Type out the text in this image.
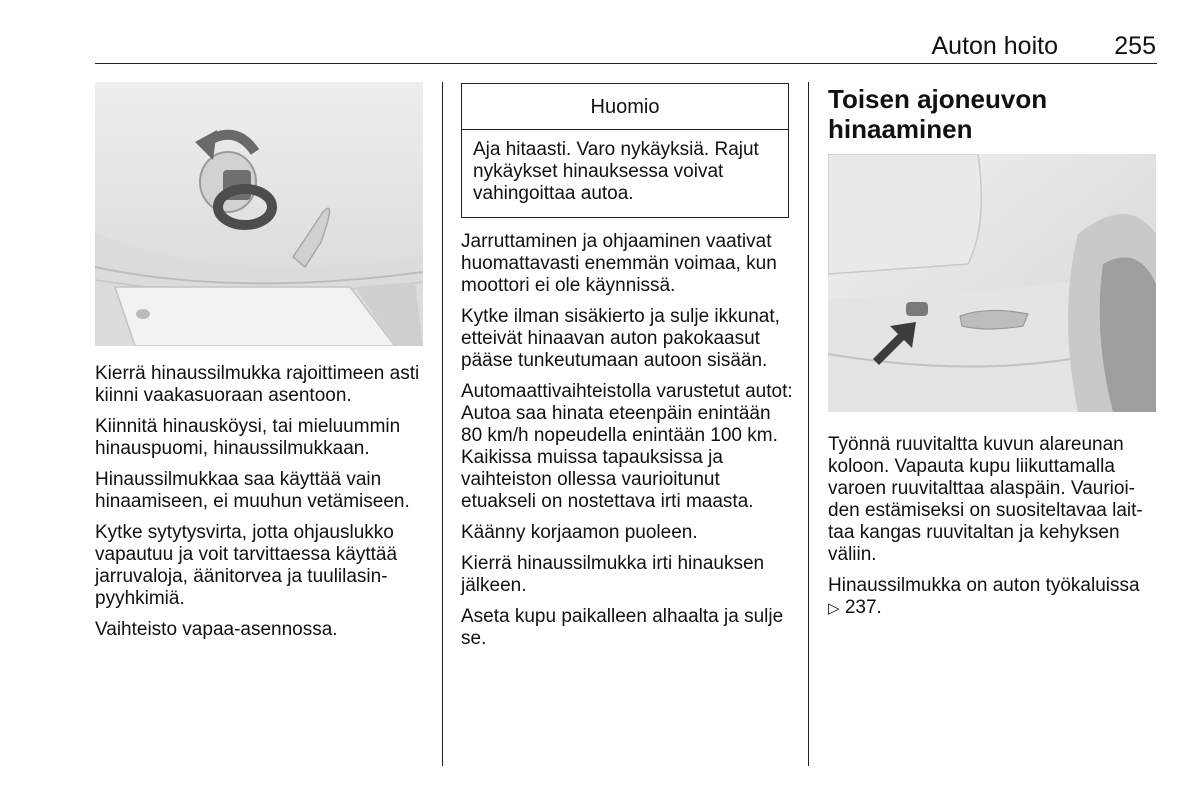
Auton hoito 255

Kierrä hinaussilmukka rajoittimeen asti kiinni vaakasuoraan asentoon.

Kiinnitä hinausköysi, tai mieluummin hinauspuomi, hinaussilmukkaan.

Hinaussilmukkaa saa käyttää vain hinaamiseen, ei muuhun vetämiseen.

Kytke sytytysvirta, jotta ohjauslukko vapautuu ja voit tarvittaessa käyttää jarruvaloja, äänitorvea ja tuulilasinpyyhkimiä.

Vaihteisto vapaa-asennossa.

Huomio
Aja hitaasti. Varo nykäyksiä. Rajut nykäykset hinauksessa voivat vahingoittaa autoa.

Jarruttaminen ja ohjaaminen vaativat huomattavasti enemmän voimaa, kun moottori ei ole käynnissä.

Kytke ilman sisäkierto ja sulje ikkunat, etteivät hinaavan auton pakokaasut pääse tunkeutumaan autoon sisään.

Automaattivaihteistolla varustetut autot: Autoa saa hinata eteenpäin enintään 80 km/h nopeudella enintään 100 km. Kaikissa muissa tapauksissa ja vaihteiston ollessa vaurioitunut etuakseli on nostettava irti maasta.

Käänny korjaamon puoleen.

Kierrä hinaussilmukka irti hinauksen jälkeen.

Aseta kupu paikalleen alhaalta ja sulje se.

Toisen ajoneuvon hinaaminen

Työnnä ruuvitaltta kuvun alareunan koloon. Vapauta kupu liikuttamalla varoen ruuvitalttaa alaspäin. Vaurioiden estämiseksi on suositeltavaa laittaa kangas ruuvitaltan ja kehyksen väliin.

Hinaussilmukka on auton työkaluissa
▷ 237.
